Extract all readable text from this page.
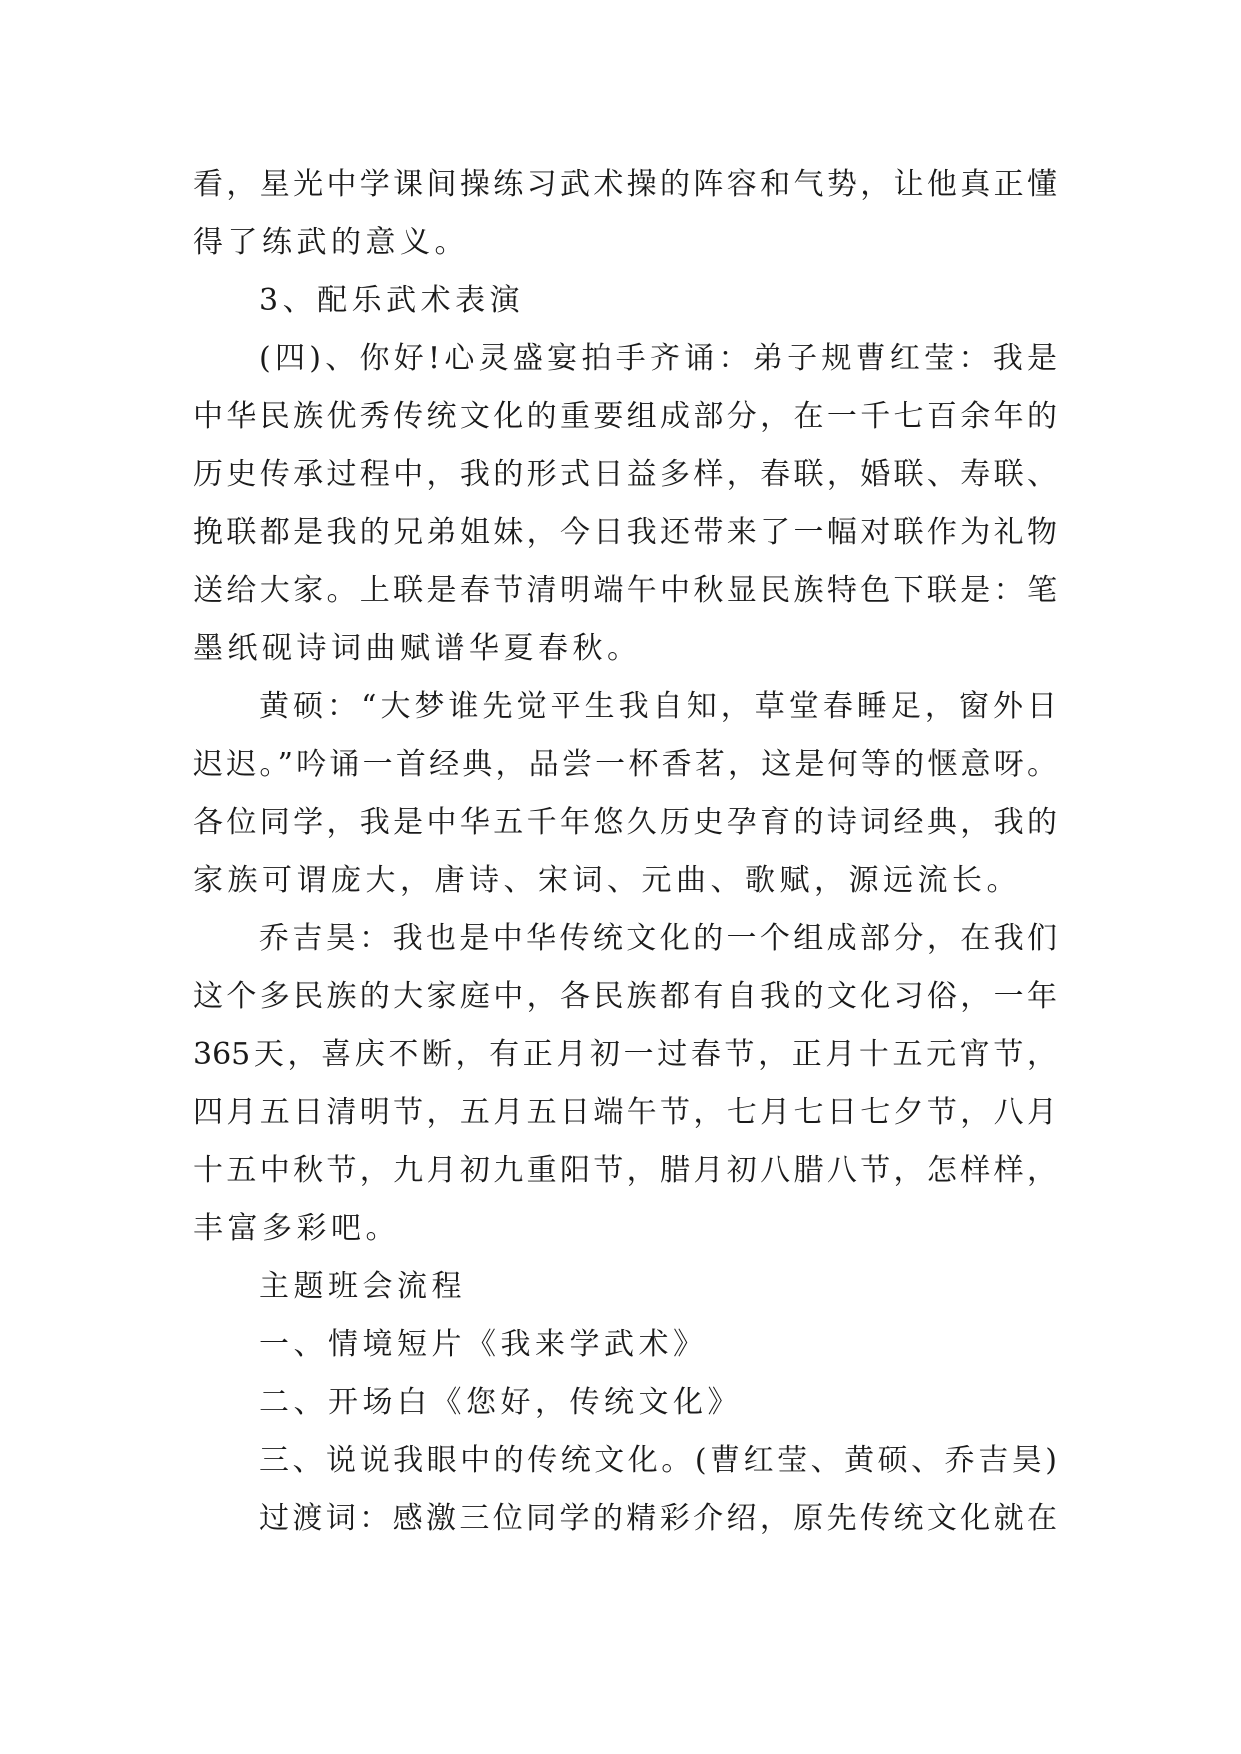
看，星光中学课间操练习武术操的阵容和气势，让他真正懂
得了练武的意义。
3、配乐武术表演
(四)、你好!心灵盛宴拍手齐诵：弟子规曹红莹：我是
中华民族优秀传统文化的重要组成部分，在一千七百余年的
历史传承过程中，我的形式日益多样，春联，婚联、寿联、
挽联都是我的兄弟姐妹，今日我还带来了一幅对联作为礼物
送给大家。上联是春节清明端午中秋显民族特色下联是：笔
墨纸砚诗词曲赋谱华夏春秋。
黄硕：“大梦谁先觉平生我自知，草堂春睡足，窗外日
迟迟。”吟诵一首经典，品尝一杯香茗，这是何等的惬意呀。
各位同学，我是中华五千年悠久历史孕育的诗词经典，我的
家族可谓庞大，唐诗、宋词、元曲、歌赋，源远流长。
乔吉昊：我也是中华传统文化的一个组成部分，在我们
这个多民族的大家庭中，各民族都有自我的文化习俗，一年
365天，喜庆不断，有正月初一过春节，正月十五元宵节，
四月五日清明节，五月五日端午节，七月七日七夕节，八月
十五中秋节，九月初九重阳节，腊月初八腊八节，怎样样，
丰富多彩吧。
主题班会流程
一、情境短片《我来学武术》
二、开场白《您好，传统文化》
三、说说我眼中的传统文化。(曹红莹、黄硕、乔吉昊)
过渡词：感激三位同学的精彩介绍，原先传统文化就在
